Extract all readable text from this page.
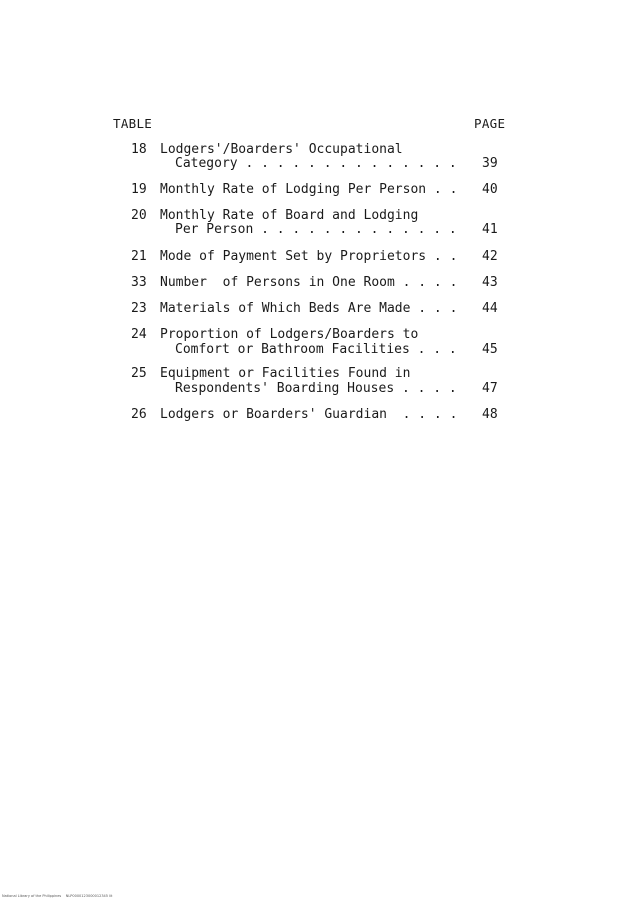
TABLE	PAGE
18	Lodgers'/Boarders' Occupational
Category . . . . . . . . . . . . . . 39
19	Monthly Rate of Lodging Per Person . . 40
20	Monthly Rate of Board and Lodging
Per Person . . . . . . . . . . . . . 41
21	Mode of Payment Set by Proprietors . . 42
33	Number  of Persons in One Room . . . . 43
23	Materials of Which Beds Are Made . . . 44
24	Proportion of Lodgers/Boarders to
Comfort or Bathroom Facilities . . . 45
25	Equipment or Facilities Found in
Respondents' Boarding Houses . . . . 47
26	Lodgers or Boarders' Guardian  . . . . 48
National Library of the Philippines    NLP0000123000012345 lit
